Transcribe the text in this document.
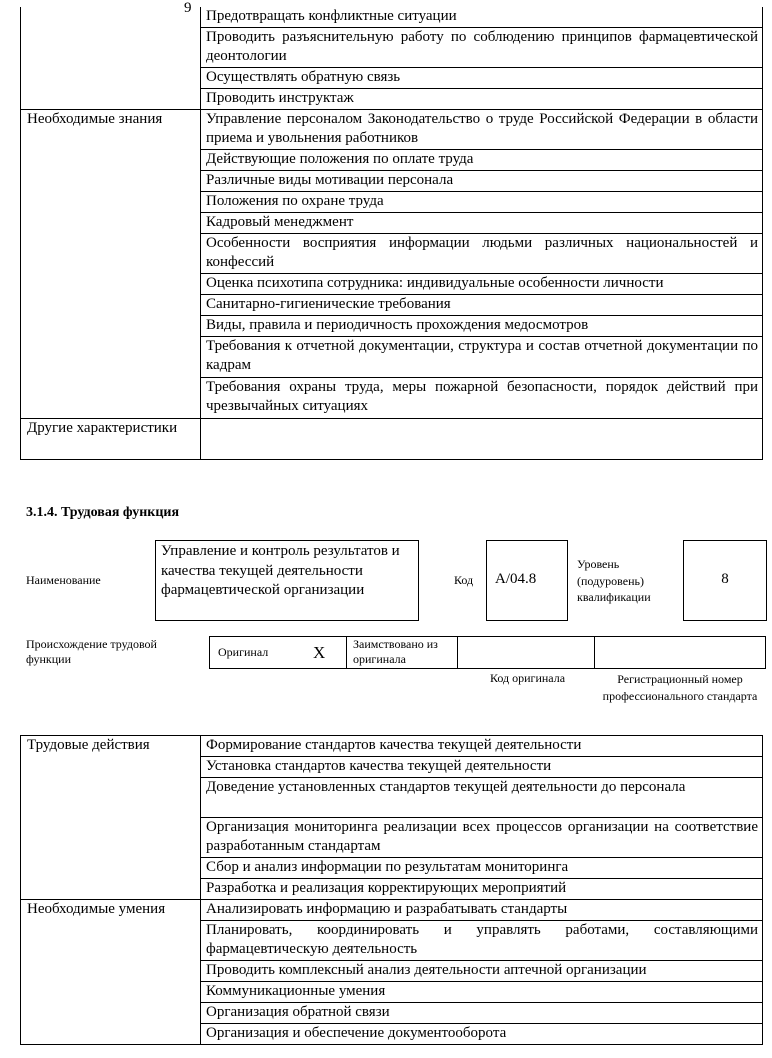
9
	Предотвращать конфликтные ситуации
	Проводить разъяснительную работу по соблюдению принципов фармацевтической деонтологии
	Осуществлять обратную связь
	Проводить инструктаж
Необходимые знания	Управление персоналом Законодательство о труде Российской Федерации в области приема и увольнения работников
	Действующие положения по оплате труда
	Различные виды мотивации персонала
	Положения по охране труда
	Кадровый менеджмент
	Особенности восприятия информации людьми различных национальностей и конфессий
	Оценка психотипа сотрудника: индивидуальные особенности личности
	Санитарно-гигиенические требования
	Виды, правила и периодичность прохождения медосмотров
	Требования к отчетной документации, структура и состав отчетной документации по кадрам
	Требования охраны труда, меры пожарной безопасности, порядок действий при чрезвычайных ситуациях
Другие характеристики	
3.1.4. Трудовая функция
Наименование
Управление и контроль результатов и качества текущей деятельности фармацевтической организации
Код А/04.8
Уровень (подуровень) квалификации
8
Происхождение трудовой функции	Оригинал	X Заимствовано из оригинала
Код оригинала	Регистрационный номер профессионального стандарта
Трудовые действия	Формирование стандартов качества текущей деятельности
	Установка стандартов качества текущей деятельности
	Доведение установленных стандартов текущей деятельности до персонала
	Организация мониторинга реализации всех процессов организации на соответствие разработанным стандартам
	Сбор и анализ информации по результатам мониторинга
	Разработка и реализация корректирующих мероприятий
Необходимые умения	Анализировать информацию и разрабатывать стандарты
	Планировать, координировать и управлять работами, составляющими фармацевтическую деятельность
	Проводить комплексный анализ деятельности аптечной организации
	Коммуникационные умения
	Организация обратной связи
	Организация и обеспечение документооборота
